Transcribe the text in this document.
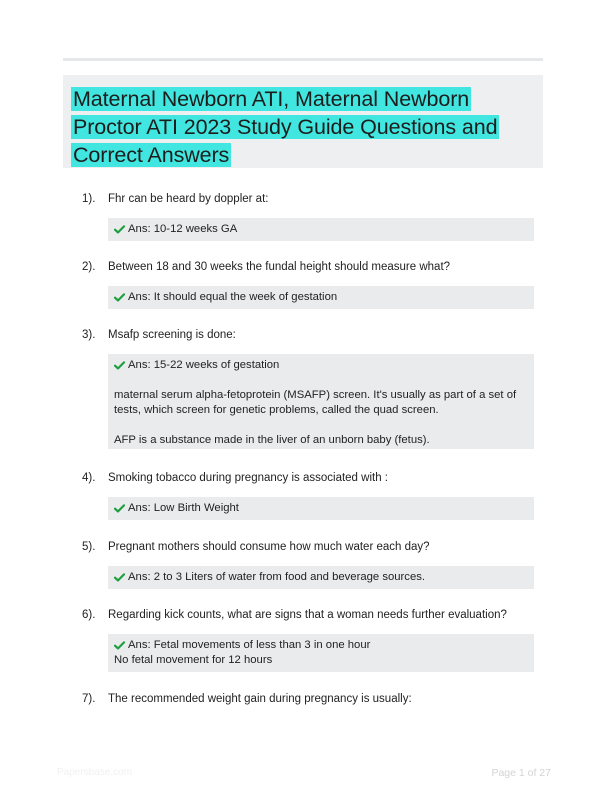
Maternal Newborn ATI, Maternal Newborn
Proctor ATI 2023 Study Guide Questions and
Correct Answers
1). Fhr can be heard by doppler at:
Ans: 10-12 weeks GA
2). Between 18 and 30 weeks the fundal height should measure what?
Ans: It should equal the week of gestation
3). Msafp screening is done:
Ans: 15-22 weeks of gestation

maternal serum alpha-fetoprotein (MSAFP) screen. It's usually as part of a set of tests, which screen for genetic problems, called the quad screen.

AFP is a substance made in the liver of an unborn baby (fetus).

4). Smoking tobacco during pregnancy is associated with :
Ans: Low Birth Weight
5). Pregnant mothers should consume how much water each day?
Ans: 2 to 3 Liters of water from food and beverage sources.
6). Regarding kick counts, what are signs that a woman needs further evaluation?
Ans: Fetal movements of less than 3 in one hour
No fetal movement for 12 hours
7). The recommended weight gain during pregnancy is usually:
Papersbase.com	Page 1 of 27
